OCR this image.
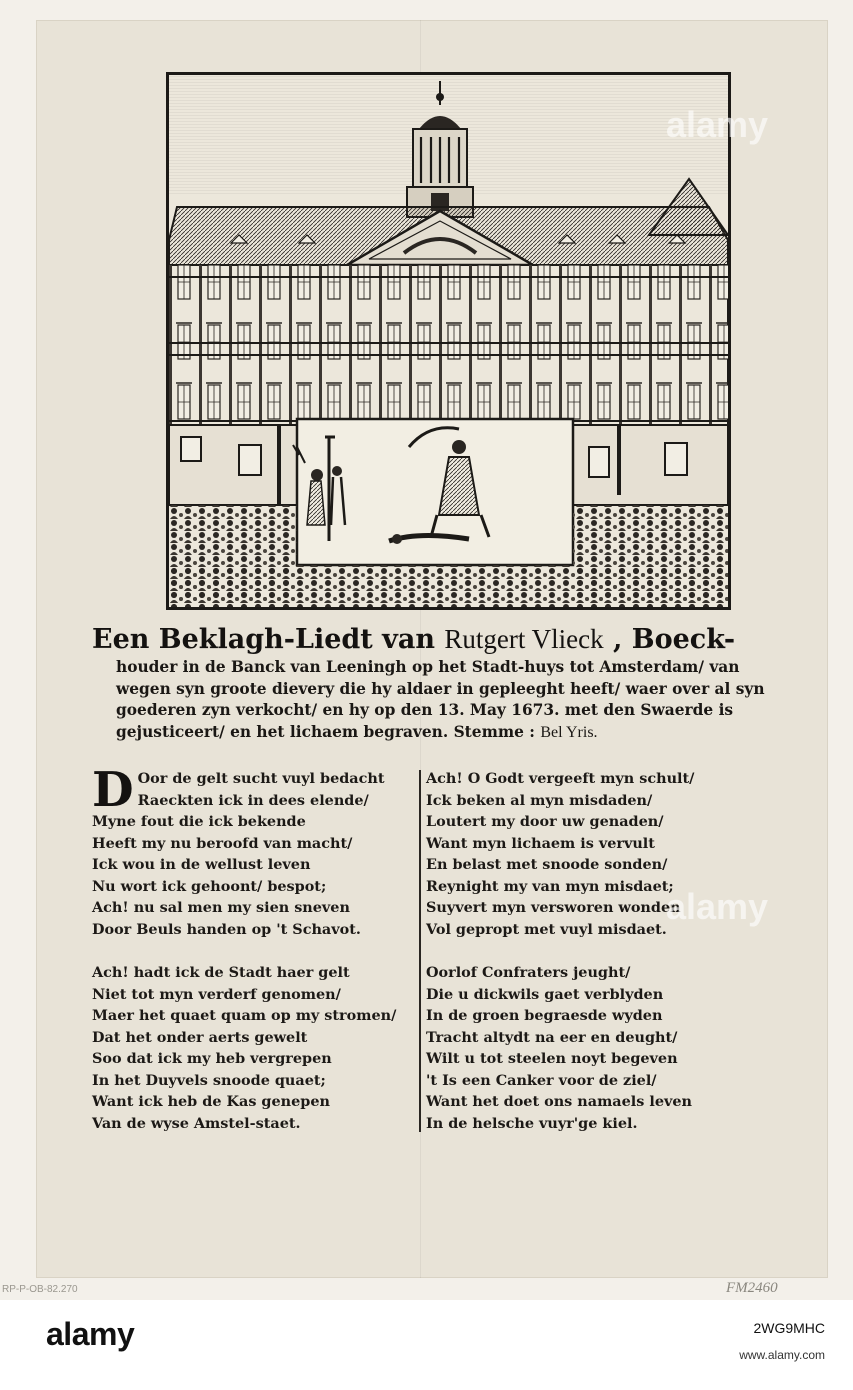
Een Beklagh-Liedt van Rutgert Vlieck , Boeck-
houder in de Banck van Leeningh op het Stadt-huys tot Amsterdam/ van
wegen syn groote dievery die hy aldaer in gepleeght heeft/ waer over al syn
goederen zyn verkocht/ en hy op den 13. May 1673. met den Swaerde is
gejusticeert/ en het lichaem begraven. Stemme : Bel Yris.
D Oor de gelt sucht vuyl bedacht
Raeckten ick in dees elende/
Myne fout die ick bekende
Heeft my nu beroofd van macht/
Ick wou in de wellust leven
Nu wort ick gehoont/ bespot;
Ach! nu sal men my sien sneven
Door Beuls handen op 't Schavot.
Ach! hadt ick de Stadt haer gelt
Niet tot myn verderf genomen/
Maer het quaet quam op my stromen/
Dat het onder aerts gewelt
Soo dat ick my heb vergrepen
In het Duyvels snoode quaet;
Want ick heb de Kas genepen
Van de wyse Amstel-staet.
Ach! O Godt vergeeft myn schult/
Ick beken al myn misdaden/
Loutert my door uw genaden/
Want myn lichaem is vervult
En belast met snoode sonden/
Reynight my van myn misdaet;
Suyvert myn versworen wonden
Vol gepropt met vuyl misdaet.
Oorlof Confraters jeught/
Die u dickwils gaet verblyden
In de groen begraesde wyden
Tracht altydt na eer en deught/
Wilt u tot steelen noyt begeven
't Is een Canker voor de ziel/
Want het doet ons namaels leven
In de helsche vuyr'ge kiel.
RP-P-OB-82.270	FM2460
alamy
alamy
alamy	2WG9MHC
www.alamy.com
